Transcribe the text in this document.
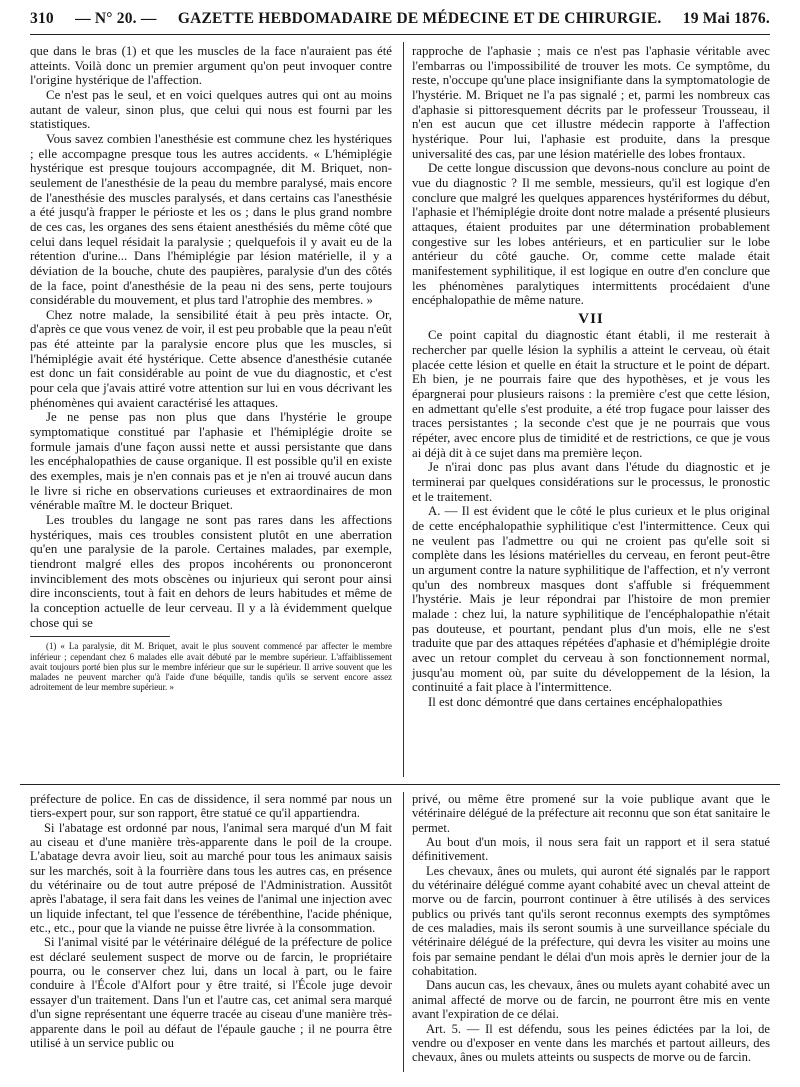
310 — N° 20. — GAZETTE HEBDOMADAIRE DE MÉDECINE ET DE CHIRURGIE. 19 Mai 1876.

que dans le bras (1) et que les muscles de la face n'auraient pas été atteints. Voilà donc un premier argument qu'on peut invoquer contre l'origine hystérique de l'affection.

Ce n'est pas le seul, et en voici quelques autres qui ont au moins autant de valeur, sinon plus, que celui qui nous est fourni par les statistiques.

Vous savez combien l'anesthésie est commune chez les hystériques ; elle accompagne presque tous les autres accidents. « L'hémiplégie hystérique est presque toujours accompagnée, dit M. Briquet, non-seulement de l'anesthésie de la peau du membre paralysé, mais encore de l'anesthésie des muscles paralysés, et dans certains cas l'anesthésie a été jusqu'à frapper le périoste et les os ; dans le plus grand nombre de ces cas, les organes des sens étaient anesthésiés du même côté que celui dans lequel résidait la paralysie ; quelquefois il y avait eu de la rétention d'urine... Dans l'hémiplégie par lésion matérielle, il y a déviation de la bouche, chute des paupières, paralysie d'un des côtés de la face, point d'anesthésie de la peau ni des sens, perte toujours considérable du mouvement, et plus tard l'atrophie des membres. »

Chez notre malade, la sensibilité était à peu près intacte. Or, d'après ce que vous venez de voir, il est peu probable que la peau n'eût pas été atteinte par la paralysie encore plus que les muscles, si l'hémiplégie avait été hystérique. Cette absence d'anesthésie cutanée est donc un fait considérable au point de vue du diagnostic, et c'est pour cela que j'avais attiré votre attention sur lui en vous décrivant les phénomènes qui avaient caractérisé les attaques.

Je ne pense pas non plus que dans l'hystérie le groupe symptomatique constitué par l'aphasie et l'hémiplégie droite se formule jamais d'une façon aussi nette et aussi persistante que dans les encéphalopathies de cause organique. Il est possible qu'il en existe des exemples, mais je n'en connais pas et je n'en ai trouvé aucun dans le livre si riche en observations curieuses et extraordinaires de mon vénérable maître M. le docteur Briquet.

Les troubles du langage ne sont pas rares dans les affections hystériques, mais ces troubles consistent plutôt en une aberration qu'en une paralysie de la parole. Certaines malades, par exemple, tiendront malgré elles des propos incohérents ou prononceront invinciblement des mots obscènes ou injurieux qui seront pour ainsi dire inconscients, tout à fait en dehors de leurs habitudes et même de la conception actuelle de leur cerveau. Il y a là évidemment quelque chose qui se

(1) « La paralysie, dit M. Briquet, avait le plus souvent commencé par affecter le membre inférieur ; cependant chez 6 malades elle avait débuté par le membre supérieur. L'affaiblissement avait toujours porté bien plus sur le membre inférieur que sur le supérieur. Il arrive souvent que les malades ne peuvent marcher qu'à l'aide d'une béquille, tandis qu'ils se servent encore assez adroitement de leur membre supérieur. »

rapproche de l'aphasie ; mais ce n'est pas l'aphasie véritable avec l'embarras ou l'impossibilité de trouver les mots. Ce symptôme, du reste, n'occupe qu'une place insignifiante dans la symptomatologie de l'hystérie. M. Briquet ne l'a pas signalé ; et, parmi les nombreux cas d'aphasie si pittoresquement décrits par le professeur Trousseau, il n'en est aucun que cet illustre médecin rapporte à l'affection hystérique. Pour lui, l'aphasie est produite, dans la presque universalité des cas, par une lésion matérielle des lobes frontaux.

De cette longue discussion que devons-nous conclure au point de vue du diagnostic ? Il me semble, messieurs, qu'il est logique d'en conclure que malgré les quelques apparences hystériformes du début, l'aphasie et l'hémiplégie droite dont notre malade a présenté plusieurs attaques, étaient produites par une détermination probablement congestive sur les lobes antérieurs, et en particulier sur le lobe antérieur du côté gauche. Or, comme cette malade était manifestement syphilitique, il est logique en outre d'en conclure que les phénomènes paralytiques intermittents procédaient d'une encéphalopathie de même nature.

VII

Ce point capital du diagnostic étant établi, il me resterait à rechercher par quelle lésion la syphilis a atteint le cerveau, où était placée cette lésion et quelle en était la structure et le point de départ. Eh bien, je ne pourrais faire que des hypothèses, et je vous les épargnerai pour plusieurs raisons : la première c'est que cette lésion, en admettant qu'elle s'est produite, a été trop fugace pour laisser des traces persistantes ; la seconde c'est que je ne pourrais que vous répéter, avec encore plus de timidité et de restrictions, ce que je vous ai déjà dit à ce sujet dans ma première leçon.

Je n'irai donc pas plus avant dans l'étude du diagnostic et je terminerai par quelques considérations sur le processus, le pronostic et le traitement.

A. — Il est évident que le côté le plus curieux et le plus original de cette encéphalopathie syphilitique c'est l'intermittence. Ceux qui ne veulent pas l'admettre ou qui ne croient pas qu'elle soit si complète dans les lésions matérielles du cerveau, en feront peut-être un argument contre la nature syphilitique de l'affection, et n'y verront qu'un des nombreux masques dont s'affuble si fréquemment l'hystérie. Mais je leur répondrai par l'histoire de mon premier malade : chez lui, la nature syphilitique de l'encéphalopathie n'était pas douteuse, et pourtant, pendant plus d'un mois, elle ne s'est traduite que par des attaques répétées d'aphasie et d'hémiplégie droite avec un retour complet du cerveau à son fonctionnement normal, jusqu'au moment où, par suite du développement de la lésion, la continuité a fait place à l'intermittence.

Il est donc démontré que dans certaines encéphalopathies

préfecture de police. En cas de dissidence, il sera nommé par nous un tiers-expert pour, sur son rapport, être statué ce qu'il appartiendra.

Si l'abatage est ordonné par nous, l'animal sera marqué d'un M fait au ciseau et d'une manière très-apparente dans le poil de la croupe. L'abatage devra avoir lieu, soit au marché pour tous les animaux saisis sur les marchés, soit à la fourrière dans tous les autres cas, en présence du vétérinaire ou de tout autre préposé de l'Administration. Aussitôt après l'abatage, il sera fait dans les veines de l'animal une injection avec un liquide infectant, tel que l'essence de térébenthine, l'acide phénique, etc., etc., pour que la viande ne puisse être livrée à la consommation.

Si l'animal visité par le vétérinaire délégué de la préfecture de police est déclaré seulement suspect de morve ou de farcin, le propriétaire pourra, ou le conserver chez lui, dans un local à part, ou le faire conduire à l'École d'Alfort pour y être traité, si l'École juge devoir essayer d'un traitement. Dans l'un et l'autre cas, cet animal sera marqué d'un signe représentant une équerre tracée au ciseau d'une manière très-apparente dans le poil au défaut de l'épaule gauche ; il ne pourra être utilisé à un service public ou

privé, ou même être promené sur la voie publique avant que le vétérinaire délégué de la préfecture ait reconnu que son état sanitaire le permet.

Au bout d'un mois, il nous sera fait un rapport et il sera statué définitivement.

Les chevaux, ânes ou mulets, qui auront été signalés par le rapport du vétérinaire délégué comme ayant cohabité avec un cheval atteint de morve ou de farcin, pourront continuer à être utilisés à des services publics ou privés tant qu'ils seront reconnus exempts des symptômes de ces maladies, mais ils seront soumis à une surveillance spéciale du vétérinaire délégué de la préfecture, qui devra les visiter au moins une fois par semaine pendant le délai d'un mois après le dernier jour de la cohabitation.

Dans aucun cas, les chevaux, ânes ou mulets ayant cohabité avec un animal affecté de morve ou de farcin, ne pourront être mis en vente avant l'expiration de ce délai.

Art. 5. — Il est défendu, sous les peines édictées par la loi, de vendre ou d'exposer en vente dans les marchés et partout ailleurs, des chevaux, ânes ou mulets atteints ou suspects de morve ou de farcin.
